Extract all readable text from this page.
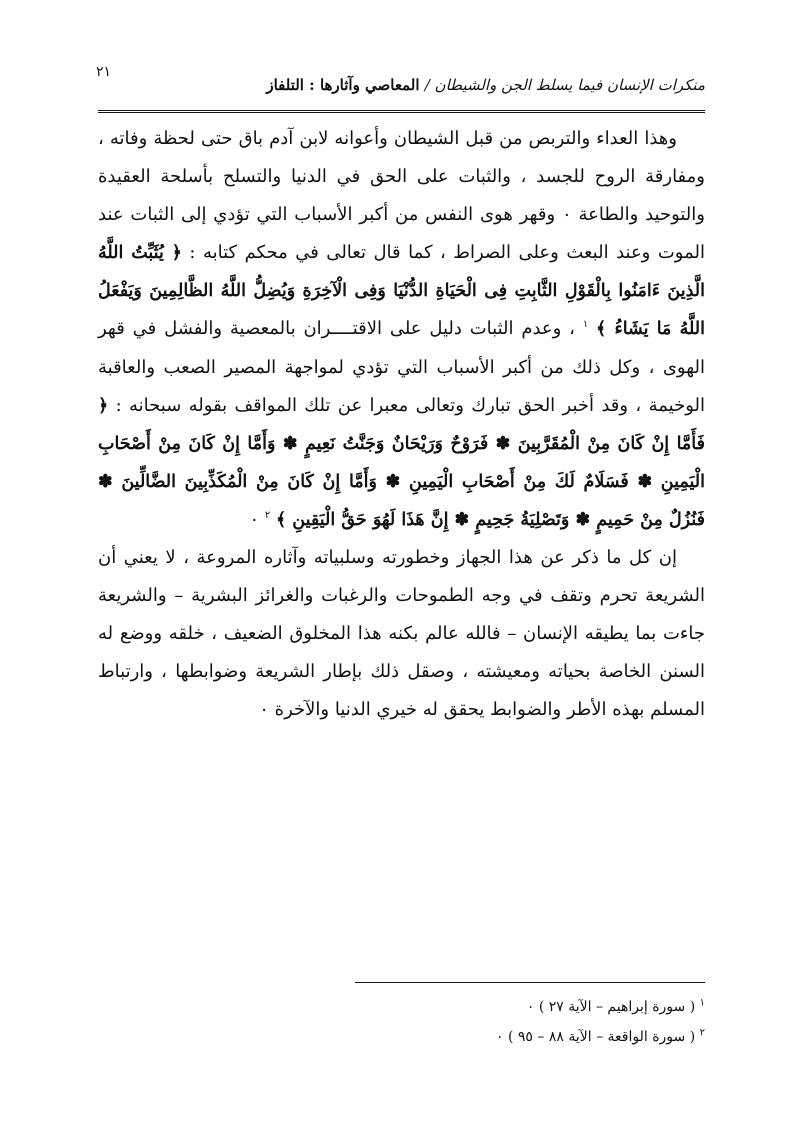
٢١
منكرات الإنسان فيما يسلط الجن والشيطان / المعاصي وآثارها : التلفاز

وهذا العداء والتربص من قبل الشيطان وأعوانه لابن آدم باق حتى لحظة وفاته ، ومفارقة الروح للجسد ، والثبات على الحق في الدنيا والتسلح بأسلحة العقيدة والتوحيد والطاعة ٠ وقهر هوى النفس من أكبر الأسباب التي تؤدي إلى الثبات عند الموت وعند البعث وعلى الصراط ، كما قال تعالى في محكم كتابه : ﴿ يُثَبِّتُ اللَّهُ الَّذِينَ ءَامَنُوا بِالْقَوْلِ الثَّابِتِ فِى الْحَيَاةِ الدُّنْيَا وَفِى الْآخِرَةِ وَيُضِلُّ اللَّهُ الظَّالِمِينَ وَيَفْعَلُ اللَّهُ مَا يَشَاءُ ﴾ $^١$ ، وعدم الثبات دليل على الاقتــــران بالمعصية والفشل في قهر الهوى ، وكل ذلك من أكبر الأسباب التي تؤدي لمواجهة المصير الصعب والعاقبة الوخيمة ، وقد أخبر الحق تبارك وتعالى معبرا عن تلك المواقف بقوله سبحانه : ﴿ فَأَمَّا إِنْ كَانَ مِنْ الْمُقَرَّبِينَ ✽ فَرَوْحٌ وَرَيْحَانٌ وَجَنَّتُ نَعِيمٍ ✽ وَأَمَّا إِنْ كَانَ مِنْ أَصْحَابِ الْيَمِينِ ✽ فَسَلَامٌ لَكَ مِنْ أَصْحَابِ الْيَمِينِ ✽ وَأَمَّا إِنْ كَانَ مِنْ الْمُكَذِّبِينَ الضَّالِّينَ ✽ فَنُزُلٌ مِنْ حَمِيمٍ ✽ وَتَصْلِيَةُ جَحِيمٍ ✽ إِنَّ هَذَا لَهُوَ حَقُّ الْيَقِينِ ﴾ $^٢$ ٠

إن كل ما ذكر عن هذا الجهاز وخطورته وسلبياته وآثاره المروعة ، لا يعني أن الشريعة تحرم وتقف في وجه الطموحات والرغبات والغرائز البشرية – والشريعة جاءت بما يطيقه الإنسان – فالله عالم بكنه هذا المخلوق الضعيف ، خلقه ووضع له السنن الخاصة بحياته ومعيشته ، وصقل ذلك بإطار الشريعة وضوابطها ، وارتباط المسلم بهذه الأطر والضوابط يحقق له خيري الدنيا والآخرة ٠

$^١$ ( سورة إبراهيم – الآية ٢٧ ) ٠
$^٢$ ( سورة الواقعة – الآية ٨٨ – ٩٥ ) ٠
